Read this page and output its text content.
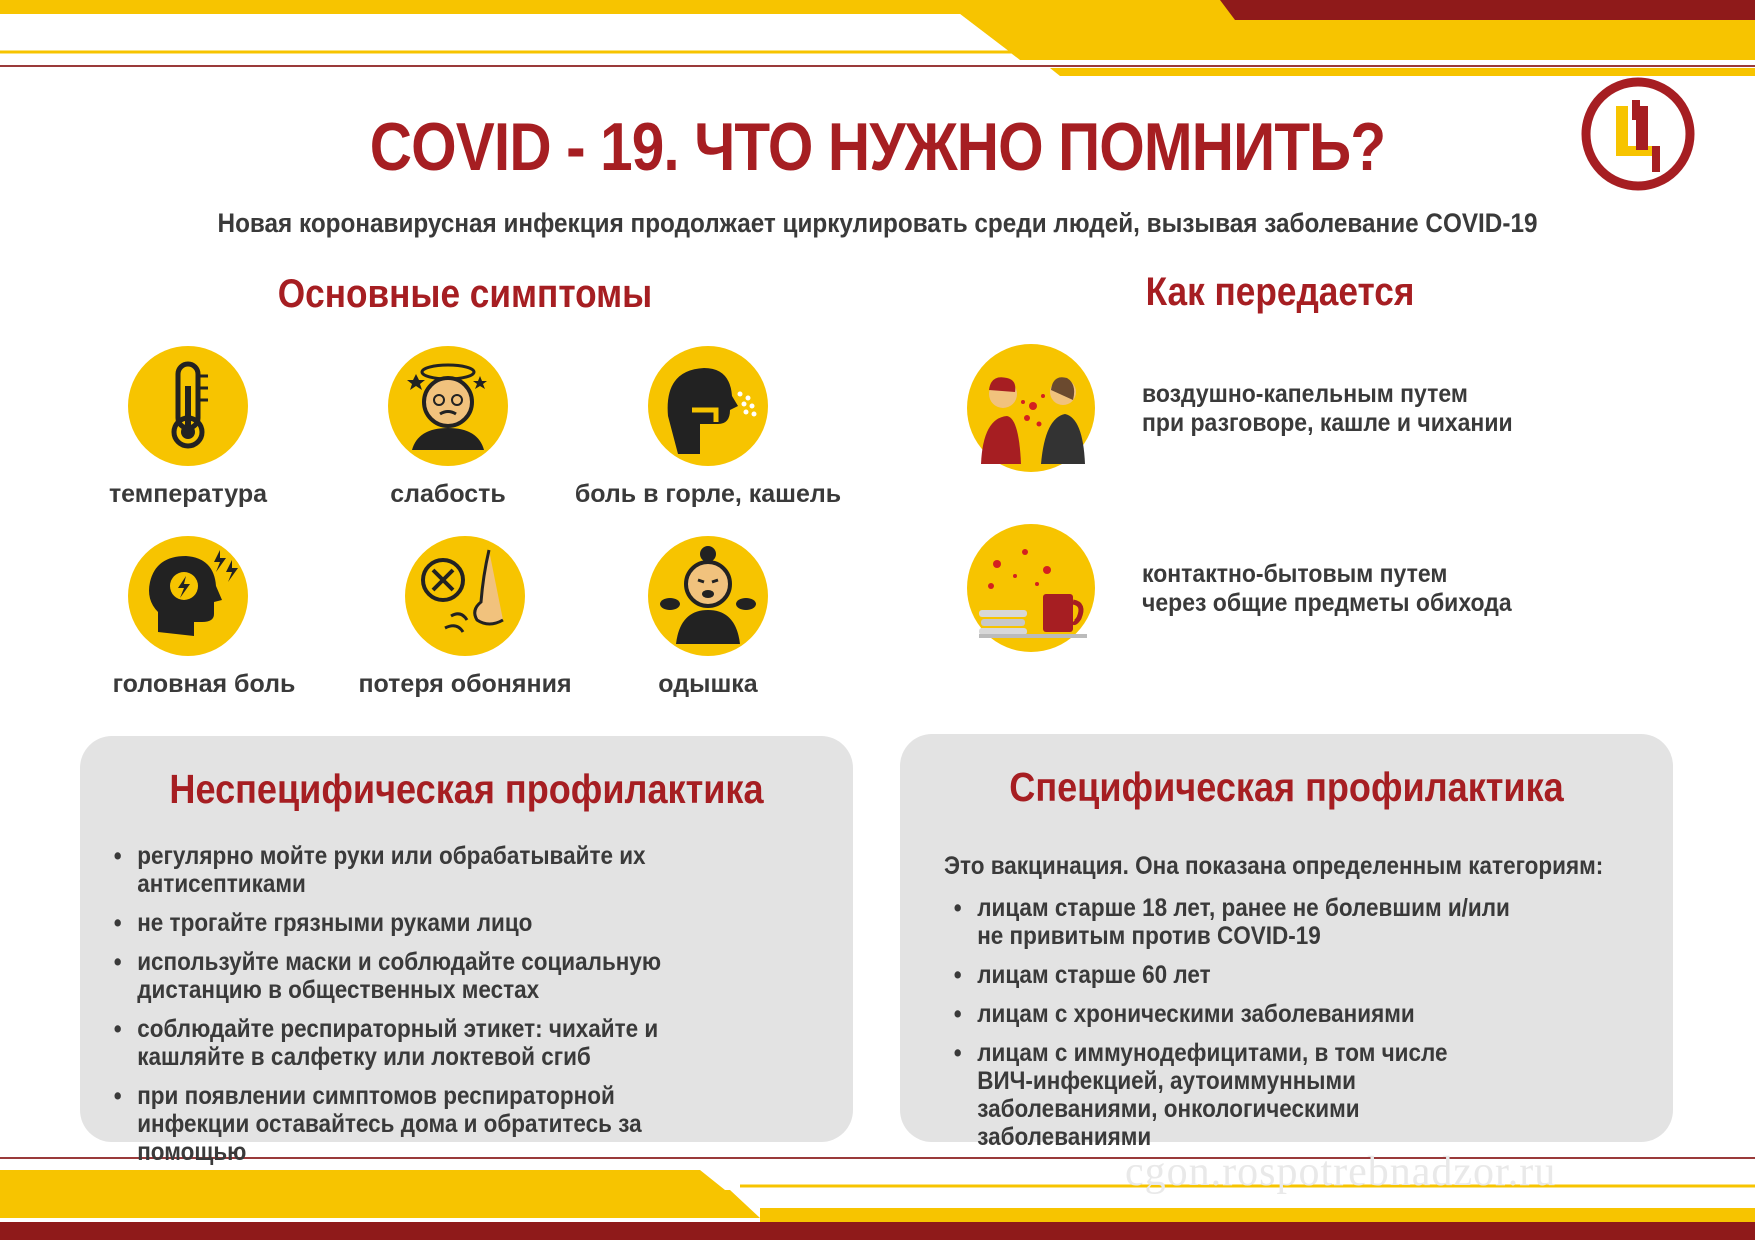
COVID - 19. ЧТО НУЖНО ПОМНИТЬ?
Новая коронавирусная инфекция продолжает циркулировать среди людей, вызывая заболевание COVID-19
Основные симптомы
температура	слабость	боль в горле, кашель
головная боль	потеря обоняния	одышка
Как передается
воздушно-капельным путем
при разговоре, кашле и чихании
контактно-бытовым путем
через общие предметы обихода
Неспецифическая профилактика
• регулярно мойте руки или обрабатывайте их антисептиками
• не трогайте грязными руками лицо
• используйте маски и соблюдайте социальную дистанцию в общественных местах
• соблюдайте респираторный этикет: чихайте и кашляйте в салфетку или локтевой сгиб
• при появлении симптомов респираторной инфекции оставайтесь дома и обратитесь за помощью
Специфическая профилактика
Это вакцинация. Она показана определенным категориям:
• лицам старше 18 лет, ранее не болевшим и/или не привитым против COVID-19
• лицам старше 60 лет
• лицам с хроническими заболеваниями
• лицам с иммунодефицитами, в том числе ВИЧ-инфекцией, аутоиммунными заболеваниями, онкологическими заболеваниями
cgon.rospotrebnadzor.ru
